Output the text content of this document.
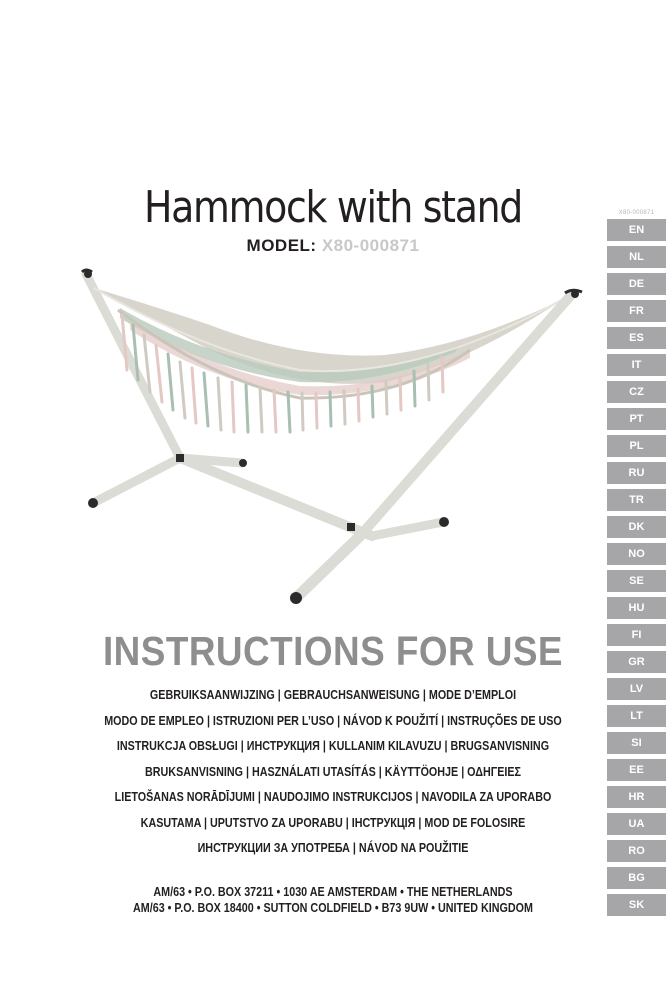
Hammock with stand
MODEL: X80-000871
INSTRUCTIONS FOR USE
GEBRUIKSAANWIJZING | GEBRAUCHSANWEISUNG | MODE D’EMPLOI
MODO DE EMPLEO | ISTRUZIONI PER L’USO | NÁVOD K POUŽITÍ | INSTRUÇÕES DE USO
INSTRUKCJA OBSŁUGI | ИНСТРУКЦИЯ | KULLANIM KILAVUZU | BRUGSANVISNING
BRUKSANVISNING | HASZNÁLATI UTASÍTÁS | KÄYTTÖOHJE | ΟΔΗΓΕΙΕΣ
LIETOŠANAS NORĀDĪJUMI | NAUDOJIMO INSTRUKCIJOS | NAVODILA ZA UPORABO
KASUTAMA | UPUTSTVO ZA UPORABU | ІНСТРУКЦІЯ | MOD DE FOLOSIRE
ИНСТРУКЦИИ ЗА УПОТРЕБА | NÁVOD NA POUŽITIE
AM/63 • P.O. BOX 37211 • 1030 AE AMSTERDAM • THE NETHERLANDS
AM/63 • P.O. BOX 18400 • SUTTON COLDFIELD • B73 9UW • UNITED KINGDOM
X80-000871
EN
NL
DE
FR
ES
IT
CZ
PT
PL
RU
TR
DK
NO
SE
HU
FI
GR
LV
LT
SI
EE
HR
UA
RO
BG
SK
